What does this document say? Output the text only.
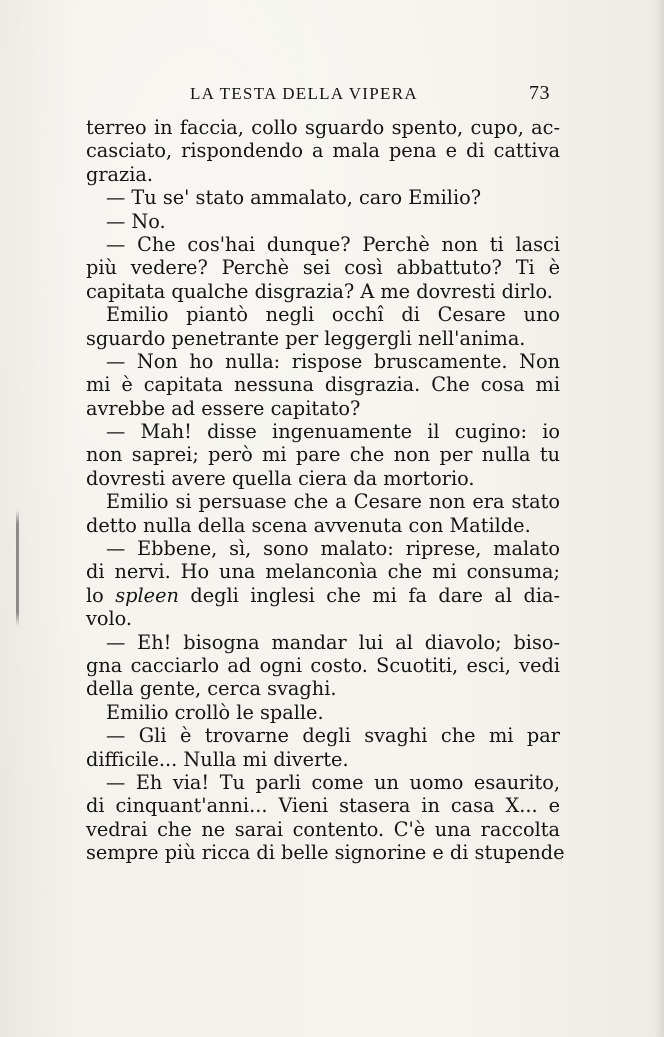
LA TESTA DELLA VIPERA	73
terreo in faccia, collo sguardo spento, cupo, ac-
casciato, rispondendo a mala pena e di cattiva
grazia.
— Tu se' stato ammalato, caro Emilio?
— No.
— Che cos'hai dunque? Perchè non ti lasci
più vedere? Perchè sei così abbattuto? Ti è
capitata qualche disgrazia? A me dovresti dirlo.
Emilio piantò negli occhî di Cesare uno
sguardo penetrante per leggergli nell'anima.
— Non ho nulla: rispose bruscamente. Non
mi è capitata nessuna disgrazia. Che cosa mi
avrebbe ad essere capitato?
— Mah! disse ingenuamente il cugino: io
non saprei; però mi pare che non per nulla tu
dovresti avere quella ciera da mortorio.
Emilio si persuase che a Cesare non era stato
detto nulla della scena avvenuta con Matilde.
— Ebbene, sì, sono malato: riprese, malato
di nervi. Ho una melanconìa che mi consuma;
lo spleen degli inglesi che mi fa dare al dia-
volo.
— Eh! bisogna mandar lui al diavolo; biso-
gna cacciarlo ad ogni costo. Scuotiti, esci, vedi
della gente, cerca svaghi.
Emilio crollò le spalle.
— Gli è trovarne degli svaghi che mi par
difficile... Nulla mi diverte.
— Eh via! Tu parli come un uomo esaurito,
di cinquant'anni... Vieni stasera in casa X... e
vedrai che ne sarai contento. C'è una raccolta
sempre più ricca di belle signorine e di stupende
